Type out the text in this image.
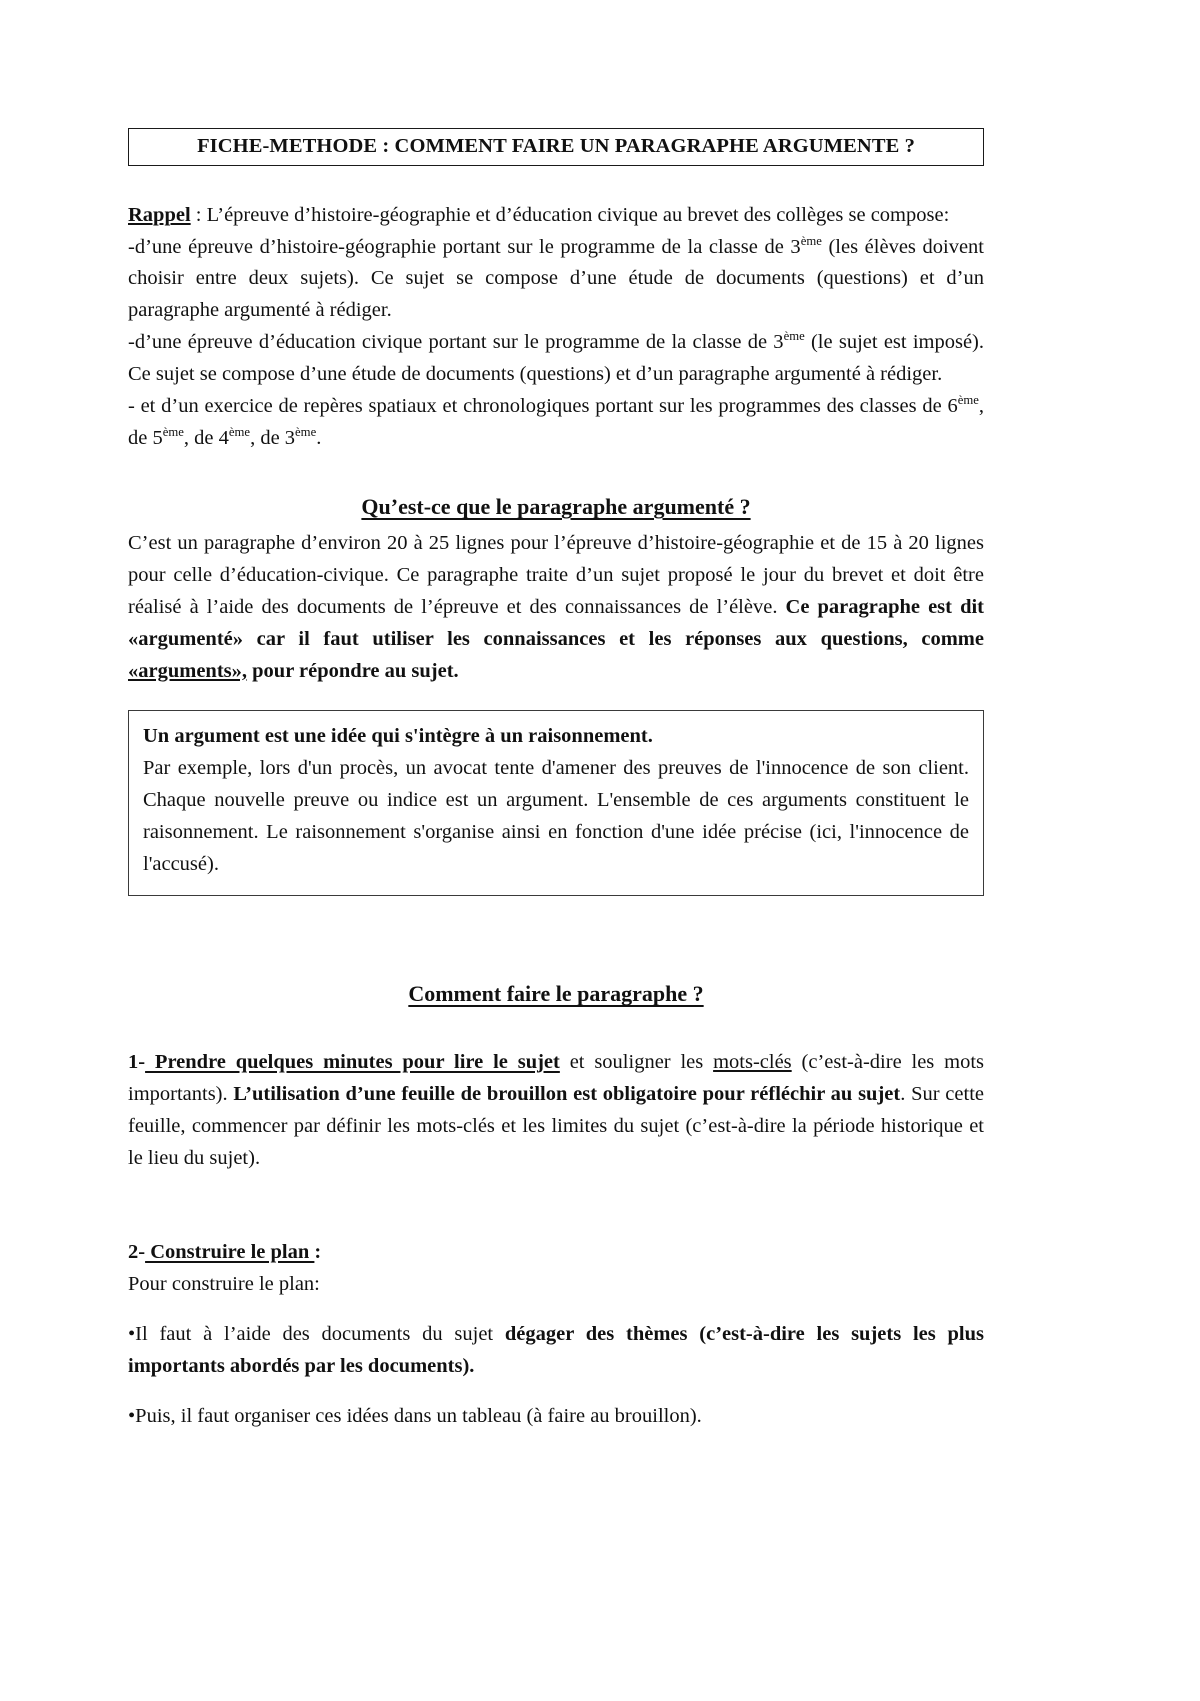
FICHE-METHODE : COMMENT FAIRE UN PARAGRAPHE ARGUMENTE ?

Rappel : L’épreuve d’histoire-géographie et d’éducation civique au brevet des collèges se compose:

-d’une épreuve d’histoire-géographie portant sur le programme de la classe de 3ème (les élèves doivent choisir entre deux sujets). Ce sujet se compose d’une étude de documents (questions) et d’un paragraphe argumenté à rédiger.

-d’une épreuve d’éducation civique portant sur le programme de la classe de 3ème (le sujet est imposé). Ce sujet se compose d’une étude de documents (questions) et d’un paragraphe argumenté à rédiger.

- et d’un exercice de repères spatiaux et chronologiques portant sur les programmes des classes de 6ème, de 5ème, de 4ème, de 3ème.

Qu’est-ce que le paragraphe argumenté ?

C’est un paragraphe d’environ 20 à 25 lignes pour l’épreuve d’histoire-géographie et de 15 à 20 lignes pour celle d’éducation-civique. Ce paragraphe traite d’un sujet proposé le jour du brevet et doit être réalisé à l’aide des documents de l’épreuve et des connaissances de l’élève. Ce paragraphe est dit «argumenté» car il faut utiliser les connaissances et les réponses aux questions, comme «arguments», pour répondre au sujet.

Un argument est une idée qui s'intègre à un raisonnement.

Par exemple, lors d'un procès, un avocat tente d'amener des preuves de l'innocence de son client. Chaque nouvelle preuve ou indice est un argument. L'ensemble de ces arguments constituent le raisonnement. Le raisonnement s'organise ainsi en fonction d'une idée précise (ici, l'innocence de l'accusé).

Comment faire le paragraphe ?

1- Prendre quelques minutes pour lire le sujet et souligner les mots-clés (c’est-à-dire les mots importants). L’utilisation d’une feuille de brouillon est obligatoire pour réfléchir au sujet. Sur cette feuille, commencer par définir les mots-clés et les limites du sujet (c’est-à-dire la période historique et le lieu du sujet).

2- Construire le plan :

Pour construire le plan:

•Il faut à l’aide des documents du sujet dégager des thèmes (c’est-à-dire les sujets les plus importants abordés par les documents).

•Puis, il faut organiser ces idées dans un tableau (à faire au brouillon).
